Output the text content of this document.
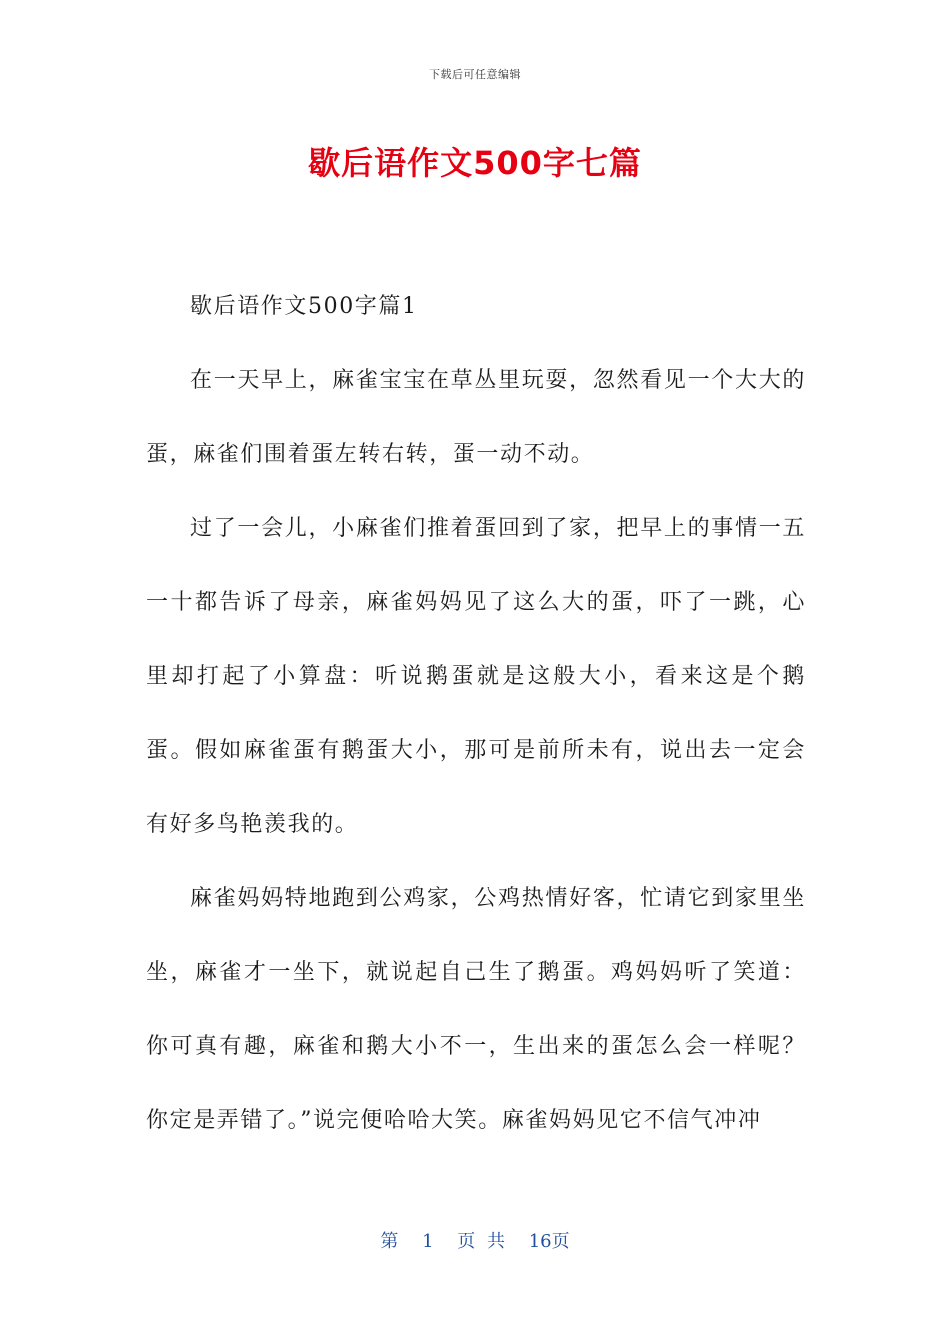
下载后可任意编辑
歇后语作文500字七篇

歇后语作文500字篇1

在一天早上，麻雀宝宝在草丛里玩耍，忽然看见一个大大的蛋，麻雀们围着蛋左转右转，蛋一动不动。

过了一会儿，小麻雀们推着蛋回到了家，把早上的事情一五一十都告诉了母亲，麻雀妈妈见了这么大的蛋，吓了一跳，心里却打起了小算盘：听说鹅蛋就是这般大小，看来这是个鹅蛋。假如麻雀蛋有鹅蛋大小，那可是前所未有，说出去一定会有好多鸟艳羡我的。

麻雀妈妈特地跑到公鸡家，公鸡热情好客，忙请它到家里坐坐，麻雀才一坐下，就说起自己生了鹅蛋。鸡妈妈听了笑道：你可真有趣，麻雀和鹅大小不一，生出来的蛋怎么会一样呢？你定是弄错了。”说完便哈哈大笑。麻雀妈妈见它不信气冲冲

第 1 页 共 16页
